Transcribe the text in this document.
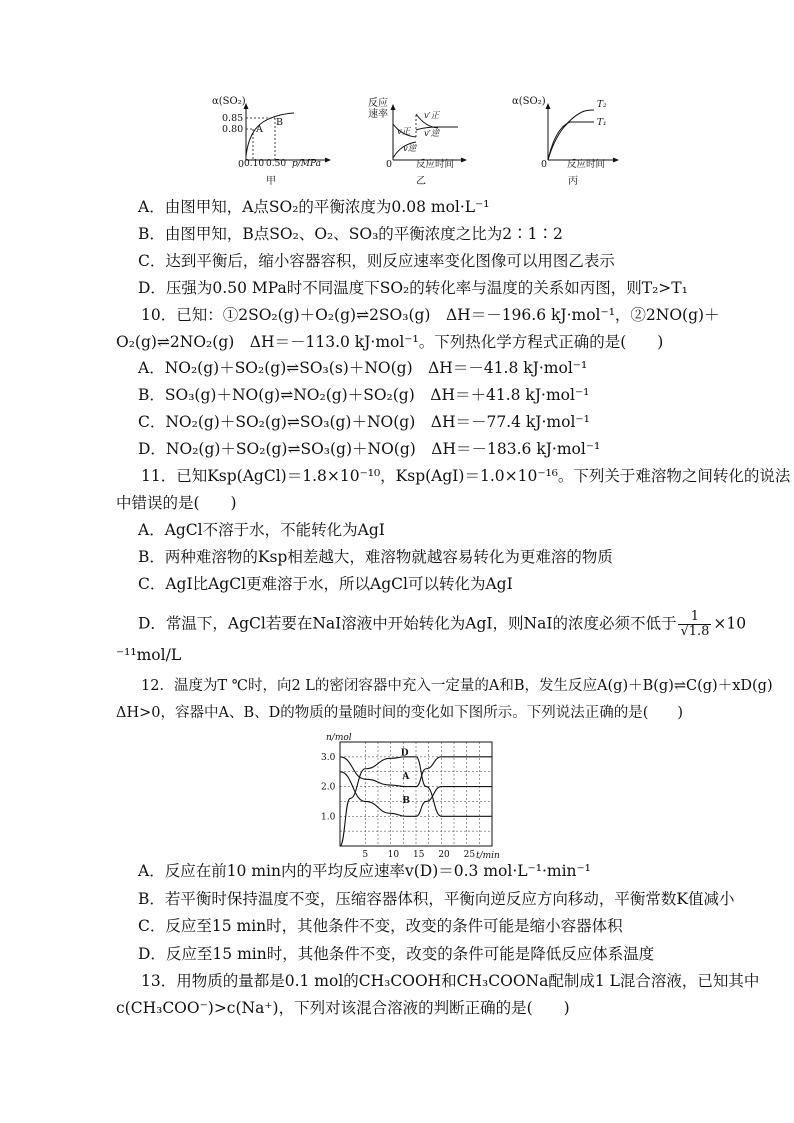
α(SO₂)
0.85
0.80 A
B
0 0.10 0.50 p/MPa
甲
反应
速率	v′正
v′逆
v正
v逆
0	反应时间
乙
α(SO₂)	T₂
T₁
0 反应时间
丙
A．由图甲知，A点SO₂的平衡浓度为0.08 mol·L⁻¹
B．由图甲知，B点SO₂、O₂、SO₃的平衡浓度之比为2∶1∶2
C．达到平衡后，缩小容器容积，则反应速率变化图像可以用图乙表示
D．压强为0.50 MPa时不同温度下SO₂的转化率与温度的关系如丙图，则T₂>T₁
10．已知：①2SO₂(g)＋O₂(g)⇌2SO₃(g)　ΔH＝－196.6 kJ·mol⁻¹，②2NO(g)＋
O₂(g)⇌2NO₂(g)　ΔH＝－113.0 kJ·mol⁻¹。下列热化学方程式正确的是(　　)
A．NO₂(g)＋SO₂(g)⇌SO₃(s)＋NO(g)　ΔH＝－41.8 kJ·mol⁻¹
B．SO₃(g)＋NO(g)⇌NO₂(g)＋SO₂(g)　ΔH＝＋41.8 kJ·mol⁻¹
C．NO₂(g)＋SO₂(g)⇌SO₃(g)＋NO(g)　ΔH＝－77.4 kJ·mol⁻¹
D．NO₂(g)＋SO₂(g)⇌SO₃(g)＋NO(g)　ΔH＝－183.6 kJ·mol⁻¹
11．已知Ksp(AgCl)＝1.8×10⁻¹⁰，Ksp(AgI)＝1.0×10⁻¹⁶。下列关于难溶物之间转化的说法
中错误的是(　　)
A．AgCl不溶于水，不能转化为AgI
B．两种难溶物的Ksp相差越大，难溶物就越容易转化为更难溶的物质
C．AgI比AgCl更难溶于水，所以AgCl可以转化为AgI
D．常温下，AgCl若要在NaI溶液中开始转化为AgI，则NaI的浓度必须不低于 $\frac{1}{√1.8} \times 10$
⁻¹¹mol/L
12．温度为T ℃时，向2 L的密闭容器中充入一定量的A和B，发生反应A(g)＋B(g)⇌C(g)＋xD(g)
ΔH>0，容器中A、B、D的物质的量随时间的变化如下图所示。下列说法正确的是(　　)
n/mol
t/min
3.0
2.0
1.0
5 10 15 20 25
D
A
B
A．反应在前10 min内的平均反应速率v(D)＝0.3 mol·L⁻¹·min⁻¹
B．若平衡时保持温度不变，压缩容器体积，平衡向逆反应方向移动，平衡常数K值减小
C．反应至15 min时，其他条件不变，改变的条件可能是缩小容器体积
D．反应至15 min时，其他条件不变，改变的条件可能是降低反应体系温度
13．用物质的量都是0.1 mol的CH₃COOH和CH₃COONa配制成1 L混合溶液，已知其中
c(CH₃COO⁻)>c(Na⁺)，下列对该混合溶液的判断正确的是(　　)
